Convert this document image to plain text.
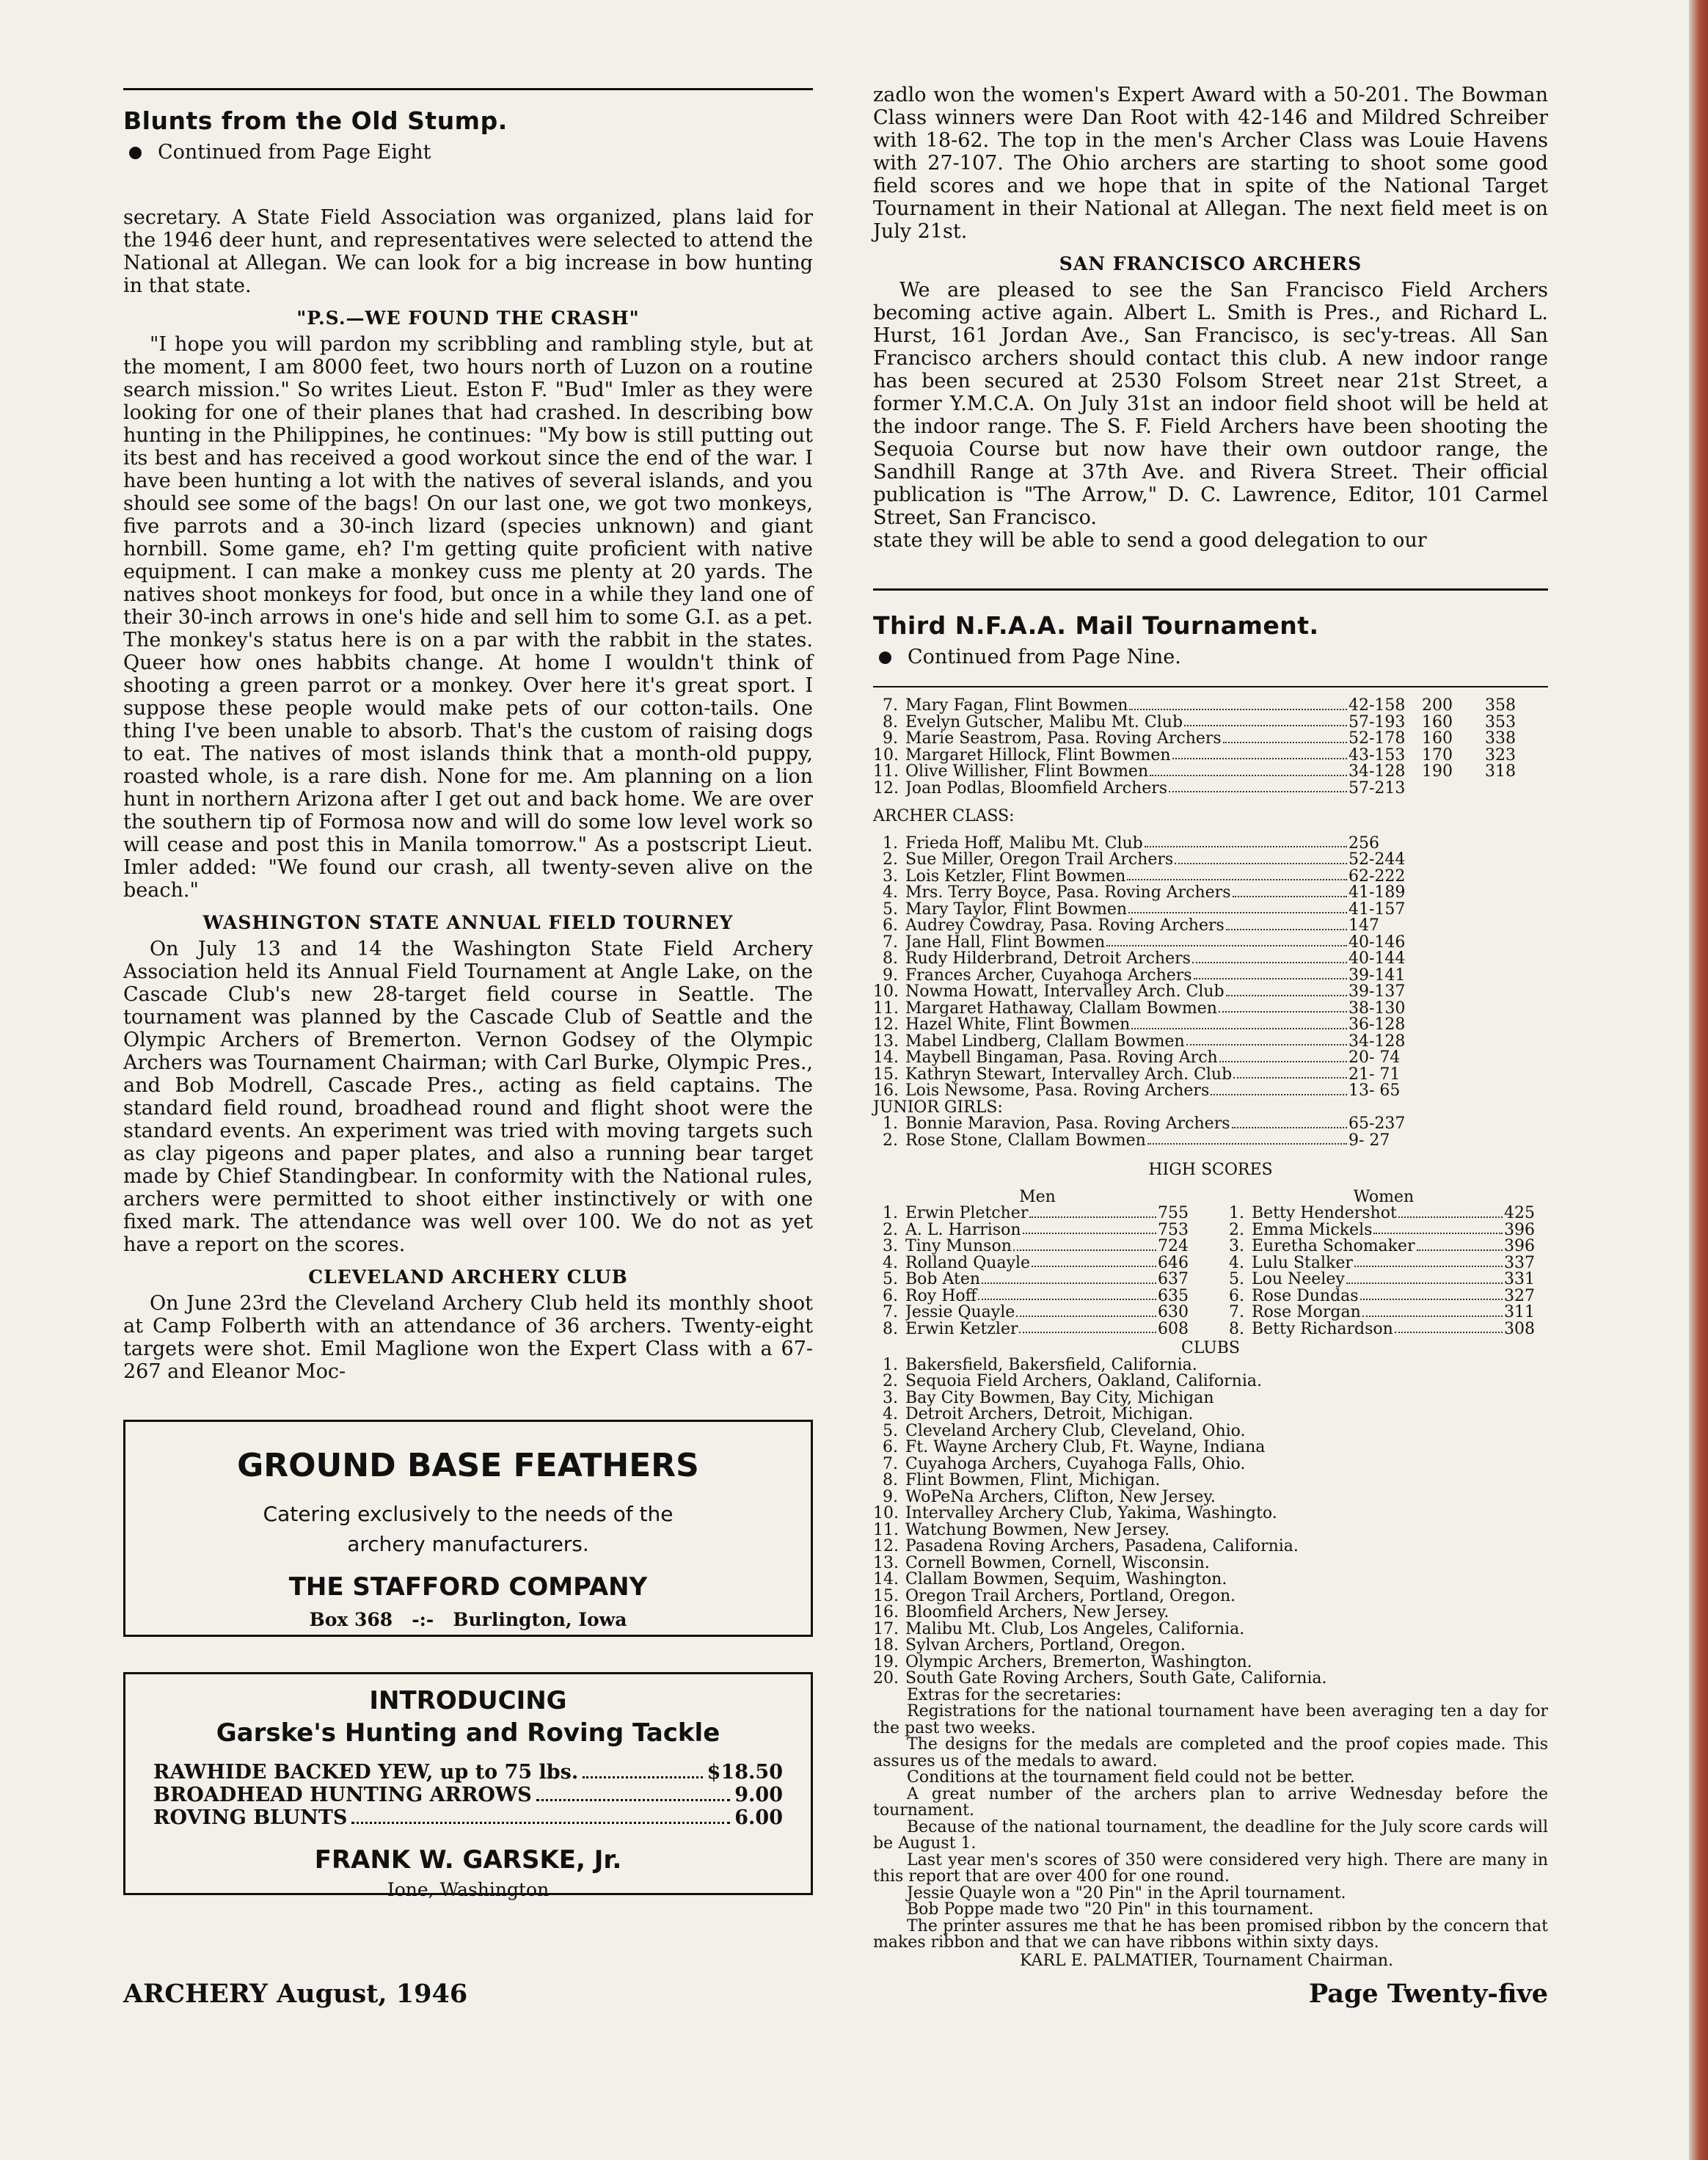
Blunts from the Old Stump.
Continued from Page Eight

secretary. A State Field Association was organized, plans laid for the 1946 deer hunt, and representatives were selected to attend the National at Allegan. We can look for a big increase in bow hunting in that state.

"P.S.—WE FOUND THE CRASH"

"I hope you will pardon my scribbling and rambling style, but at the moment, I am 8000 feet, two hours north of Luzon on a routine search mission." So writes Lieut. Eston F. "Bud" Imler as they were looking for one of their planes that had crashed. In describing bow hunting in the Philippines, he continues: "My bow is still putting out its best and has received a good workout since the end of the war. I have been hunting a lot with the natives of several islands, and you should see some of the bags! On our last one, we got two monkeys, five parrots and a 30-inch lizard (species unknown) and giant hornbill. Some game, eh? I'm getting quite proficient with native equipment. I can make a monkey cuss me plenty at 20 yards. The natives shoot monkeys for food, but once in a while they land one of their 30-inch arrows in one's hide and sell him to some G.I. as a pet. The monkey's status here is on a par with the rabbit in the states. Queer how ones habbits change. At home I wouldn't think of shooting a green parrot or a monkey. Over here it's great sport. I suppose these people would make pets of our cotton-tails. One thing I've been unable to absorb. That's the custom of raising dogs to eat. The natives of most islands think that a month-old puppy, roasted whole, is a rare dish. None for me. Am planning on a lion hunt in northern Arizona after I get out and back home. We are over the southern tip of Formosa now and will do some low level work so will cease and post this in Manila tomorrow." As a postscript Lieut. Imler added: "We found our crash, all twenty-seven alive on the beach."

WASHINGTON STATE ANNUAL FIELD TOURNEY

On July 13 and 14 the Washington State Field Archery Association held its Annual Field Tournament at Angle Lake, on the Cascade Club's new 28-target field course in Seattle. The tournament was planned by the Cascade Club of Seattle and the Olympic Archers of Bremerton. Vernon Godsey of the Olympic Archers was Tournament Chairman; with Carl Burke, Olympic Pres., and Bob Modrell, Cascade Pres., acting as field captains. The standard field round, broadhead round and flight shoot were the standard events. An experiment was tried with moving targets such as clay pigeons and paper plates, and also a running bear target made by Chief Standingbear. In conformity with the National rules, archers were permitted to shoot either instinctively or with one fixed mark. The attendance was well over 100. We do not as yet have a report on the scores.

CLEVELAND ARCHERY CLUB

On June 23rd the Cleveland Archery Club held its monthly shoot at Camp Folberth with an attendance of 36 archers. Twenty-eight targets were shot. Emil Maglione won the Expert Class with a 67-267 and Eleanor Moc-

GROUND BASE FEATHERS
Catering exclusively to the needs of the
archery manufacturers.
THE STAFFORD COMPANY
Box 368   -:-   Burlington, Iowa
INTRODUCING
Garske's Hunting and Roving Tackle
RAWHIDE BACKED YEW, up to 75 lbs.	$18.50
BROADHEAD HUNTING ARROWS	9.00
ROVING BLUNTS	6.00
FRANK W. GARSKE, Jr.
Ione, Washington

zadlo won the women's Expert Award with a 50-201. The Bowman Class winners were Dan Root with 42-146 and Mildred Schreiber with 18-62. The top in the men's Archer Class was Louie Havens with 27-107. The Ohio archers are starting to shoot some good field scores and we hope that in spite of the National Target Tournament in their National at Allegan. The next field meet is on July 21st.

SAN FRANCISCO ARCHERS

We are pleased to see the San Francisco Field Archers becoming active again. Albert L. Smith is Pres., and Richard L. Hurst, 161 Jordan Ave., San Francisco, is sec'y-treas. All San Francisco archers should contact this club. A new indoor range has been secured at 2530 Folsom Street near 21st Street, a former Y.M.C.A. On July 31st an indoor field shoot will be held at the indoor range. The S. F. Field Archers have been shooting the Sequoia Course but now have their own outdoor range, the Sandhill Range at 37th Ave. and Rivera Street. Their official publication is "The Arrow," D. C. Lawrence, Editor, 101 Carmel Street, San Francisco.

state they will be able to send a good delegation to our

Third N.F.A.A. Mail Tournament.
Continued from Page Nine.
7. Mary Fagan, Flint Bowmen	42-158	200	358
8. Evelyn Gutscher, Malibu Mt. Club	57-193	160	353
9. Marie Seastrom, Pasa. Roving Archers	52-178	160	338
10. Margaret Hillock, Flint Bowmen	43-153	170	323
11. Olive Willisher, Flint Bowmen	34-128	190	318
12. Joan Podlas, Bloomfield Archers	57-213
ARCHER CLASS:
1. Frieda Hoff, Malibu Mt. Club	256
2. Sue Miller, Oregon Trail Archers	52-244
3. Lois Ketzler, Flint Bowmen	62-222
4. Mrs. Terry Boyce, Pasa. Roving Archers	41-189
5. Mary Taylor, Flint Bowmen	41-157
6. Audrey Cowdray, Pasa. Roving Archers	147
7. Jane Hall, Flint Bowmen	40-146
8. Rudy Hilderbrand, Detroit Archers	40-144
9. Frances Archer, Cuyahoga Archers	39-141
10. Nowma Howatt, Intervalley Arch. Club	39-137
11. Margaret Hathaway, Clallam Bowmen	38-130
12. Hazel White, Flint Bowmen	36-128
13. Mabel Lindberg, Clallam Bowmen	34-128
14. Maybell Bingaman, Pasa. Roving Arch	20- 74
15. Kathryn Stewart, Intervalley Arch. Club	21- 71
16. Lois Newsome, Pasa. Roving Archers	13- 65
JUNIOR GIRLS:
1. Bonnie Maravion, Pasa. Roving Archers	65-237
2. Rose Stone, Clallam Bowmen	9- 27
HIGH SCORES
Men
1. Erwin Pletcher	755
2. A. L. Harrison	753
3. Tiny Munson	724
4. Rolland Quayle	646
5. Bob Aten	637
6. Roy Hoff	635
7. Jessie Quayle	630
8. Erwin Ketzler	608
Women
1. Betty Hendershot	425
2. Emma Mickels	396
3. Euretha Schomaker	396
4. Lulu Stalker	337
5. Lou Neeley	331
6. Rose Dundas	327
7. Rose Morgan	311
8. Betty Richardson	308
CLUBS
1. Bakersfield, Bakersfield, California.
2. Sequoia Field Archers, Oakland, California.
3. Bay City Bowmen, Bay City, Michigan
4. Detroit Archers, Detroit, Michigan.
5. Cleveland Archery Club, Cleveland, Ohio.
6. Ft. Wayne Archery Club, Ft. Wayne, Indiana
7. Cuyahoga Archers, Cuyahoga Falls, Ohio.
8. Flint Bowmen, Flint, Michigan.
9. WoPeNa Archers, Clifton, New Jersey.
10. Intervalley Archery Club, Yakima, Washingto.
11. Watchung Bowmen, New Jersey.
12. Pasadena Roving Archers, Pasadena, California.
13. Cornell Bowmen, Cornell, Wisconsin.
14. Clallam Bowmen, Sequim, Washington.
15. Oregon Trail Archers, Portland, Oregon.
16. Bloomfield Archers, New Jersey.
17. Malibu Mt. Club, Los Angeles, California.
18. Sylvan Archers, Portland, Oregon.
19. Olympic Archers, Bremerton, Washington.
20. South Gate Roving Archers, South Gate, California.
Extras for the secretaries:
Registrations for the national tournament have been averaging ten a day for the past two weeks.
The designs for the medals are completed and the proof copies made. This assures us of the medals to award.
Conditions at the tournament field could not be better.
A great number of the archers plan to arrive Wednesday before the tournament.
Because of the national tournament, the deadline for the July score cards will be August 1.
Last year men's scores of 350 were considered very high. There are many in this report that are over 400 for one round.
Jessie Quayle won a "20 Pin" in the April tournament.
Bob Poppe made two "20 Pin" in this tournament.
The printer assures me that he has been promised ribbon by the concern that makes ribbon and that we can have ribbons within sixty days.
KARL E. PALMATIER, Tournament Chairman.
ARCHERY August, 1946	Page Twenty-five
